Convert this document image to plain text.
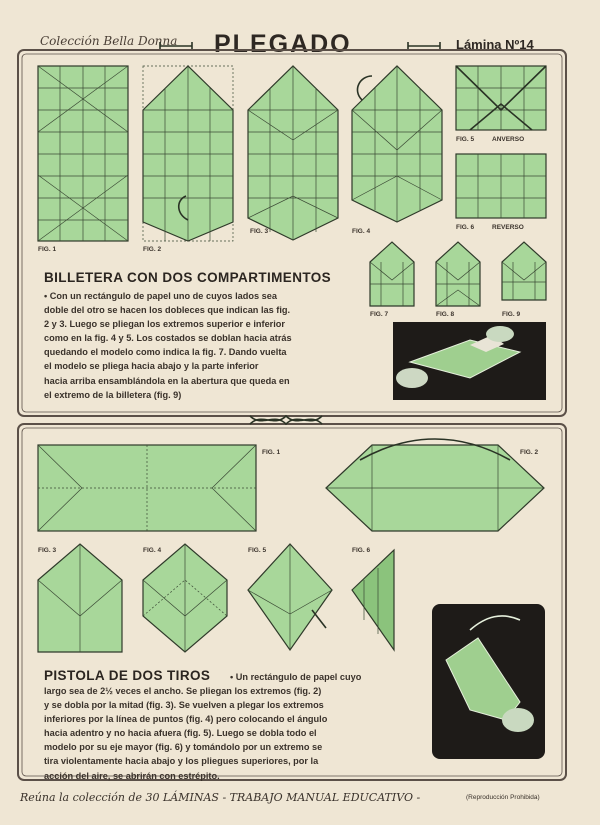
Colección Bella Donna PLEGADO	Lámina Nº14
FIG. 1	FIG. 2
FIG. 3	FIG. 4
FIG. 5	ANVERSO
FIG. 6	REVERSO
FIG. 7	FIG. 8	FIG. 9
BILLETERA CON DOS COMPARTIMENTOS
• Con un rectángulo de papel uno de cuyos lados sea
doble del otro se hacen los dobleces que indican las fig.
2 y 3. Luego se pliegan los extremos superior e inferior
como en la fig. 4 y 5. Los costados se doblan hacia atrás
quedando el modelo como indica la fig. 7. Dando vuelta
el modelo se pliega hacia abajo y la parte inferior
hacia arriba ensamblándola en la abertura que queda en
el extremo de la billetera (fig. 9)
FIG. 1	FIG. 2
FIG. 3	FIG. 4	FIG. 5	FIG. 6
PISTOLA DE DOS TIROS • Un rectángulo de papel cuyo
largo sea de 2½ veces el ancho. Se pliegan los extremos (fig. 2)
y se dobla por la mitad (fig. 3). Se vuelven a plegar los extremos
inferiores por la línea de puntos (fig. 4) pero colocando el ángulo
hacia adentro y no hacia afuera (fig. 5). Luego se dobla todo el
modelo por su eje mayor (fig. 6) y tomándolo por un extremo se
tira violentamente hacia abajo y los pliegues superiores, por la
acción del aire, se abrirán con estrépito.
Reúna la colección de 30 LÁMINAS - TRABAJO MANUAL EDUCATIVO -	(Reproducción Prohibida)
